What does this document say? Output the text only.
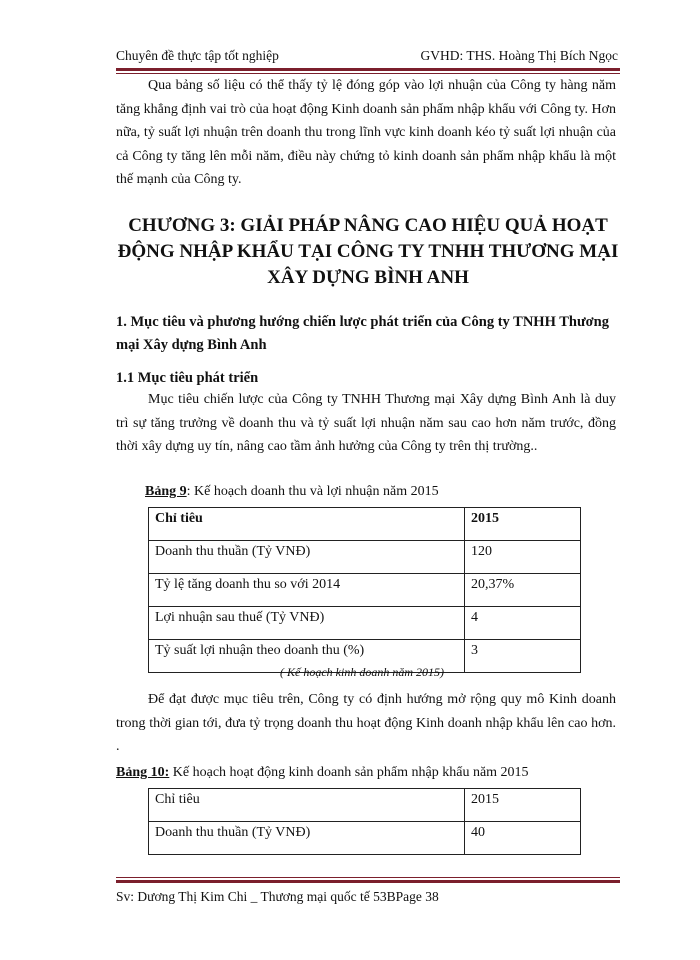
Chuyên đề thực tập tốt nghiệp	GVHD: THS. Hoàng Thị Bích Ngọc

Qua bảng số liệu có thể thấy tỷ lệ đóng góp vào lợi nhuận của Công ty hàng năm tăng khẳng định vai trò của hoạt động Kinh doanh sản phẩm nhập khẩu với Công ty. Hơn nữa, tỷ suất lợi nhuận trên doanh thu trong lĩnh vực kinh doanh kéo tỷ suất lợi nhuận của cả Công ty tăng lên mỗi năm, điều này chứng tỏ kinh doanh sản phẩm nhập khẩu là một thế mạnh của Công ty.

CHƯƠNG 3: GIẢI PHÁP NÂNG CAO HIỆU QUẢ HOẠT
ĐỘNG NHẬP KHẨU TẠI CÔNG TY TNHH THƯƠNG MẠI
XÂY DỰNG BÌNH ANH
1. Mục tiêu và phương hướng chiến lược phát triển của Công ty TNHH Thương mại Xây dựng Bình Anh
1.1 Mục tiêu phát triển

Mục tiêu chiến lược của Công ty TNHH Thương mại Xây dựng Bình Anh là duy trì sự tăng trưởng về doanh thu và tỷ suất lợi nhuận năm sau cao hơn năm trước, đồng thời xây dựng uy tín, nâng cao tầm ảnh hưởng của Công ty trên thị trường..

Bảng 9: Kế hoạch doanh thu và lợi nhuận năm 2015
Chỉ tiêu	2015
Doanh thu thuần (Tỷ VNĐ)	120
Tỷ lệ tăng doanh thu so với 2014	20,37%
Lợi nhuận sau thuế (Tỷ VNĐ)	4
Tỷ suất lợi nhuận theo doanh thu (%)	3
( Kế hoạch kinh doanh năm 2015)

Để đạt được mục tiêu trên, Công ty có định hướng mở rộng quy mô Kinh doanh trong thời gian tới, đưa tỷ trọng doanh thu hoạt động Kinh doanh nhập khẩu lên cao hơn. .

Bảng 10: Kế hoạch hoạt động kinh doanh sản phẩm nhập khẩu năm 2015
Chỉ tiêu	2015
Doanh thu thuần (Tỷ VNĐ)	40
Sv: Dương Thị Kim Chi _ Thương mại quốc tế 53BPage 38
